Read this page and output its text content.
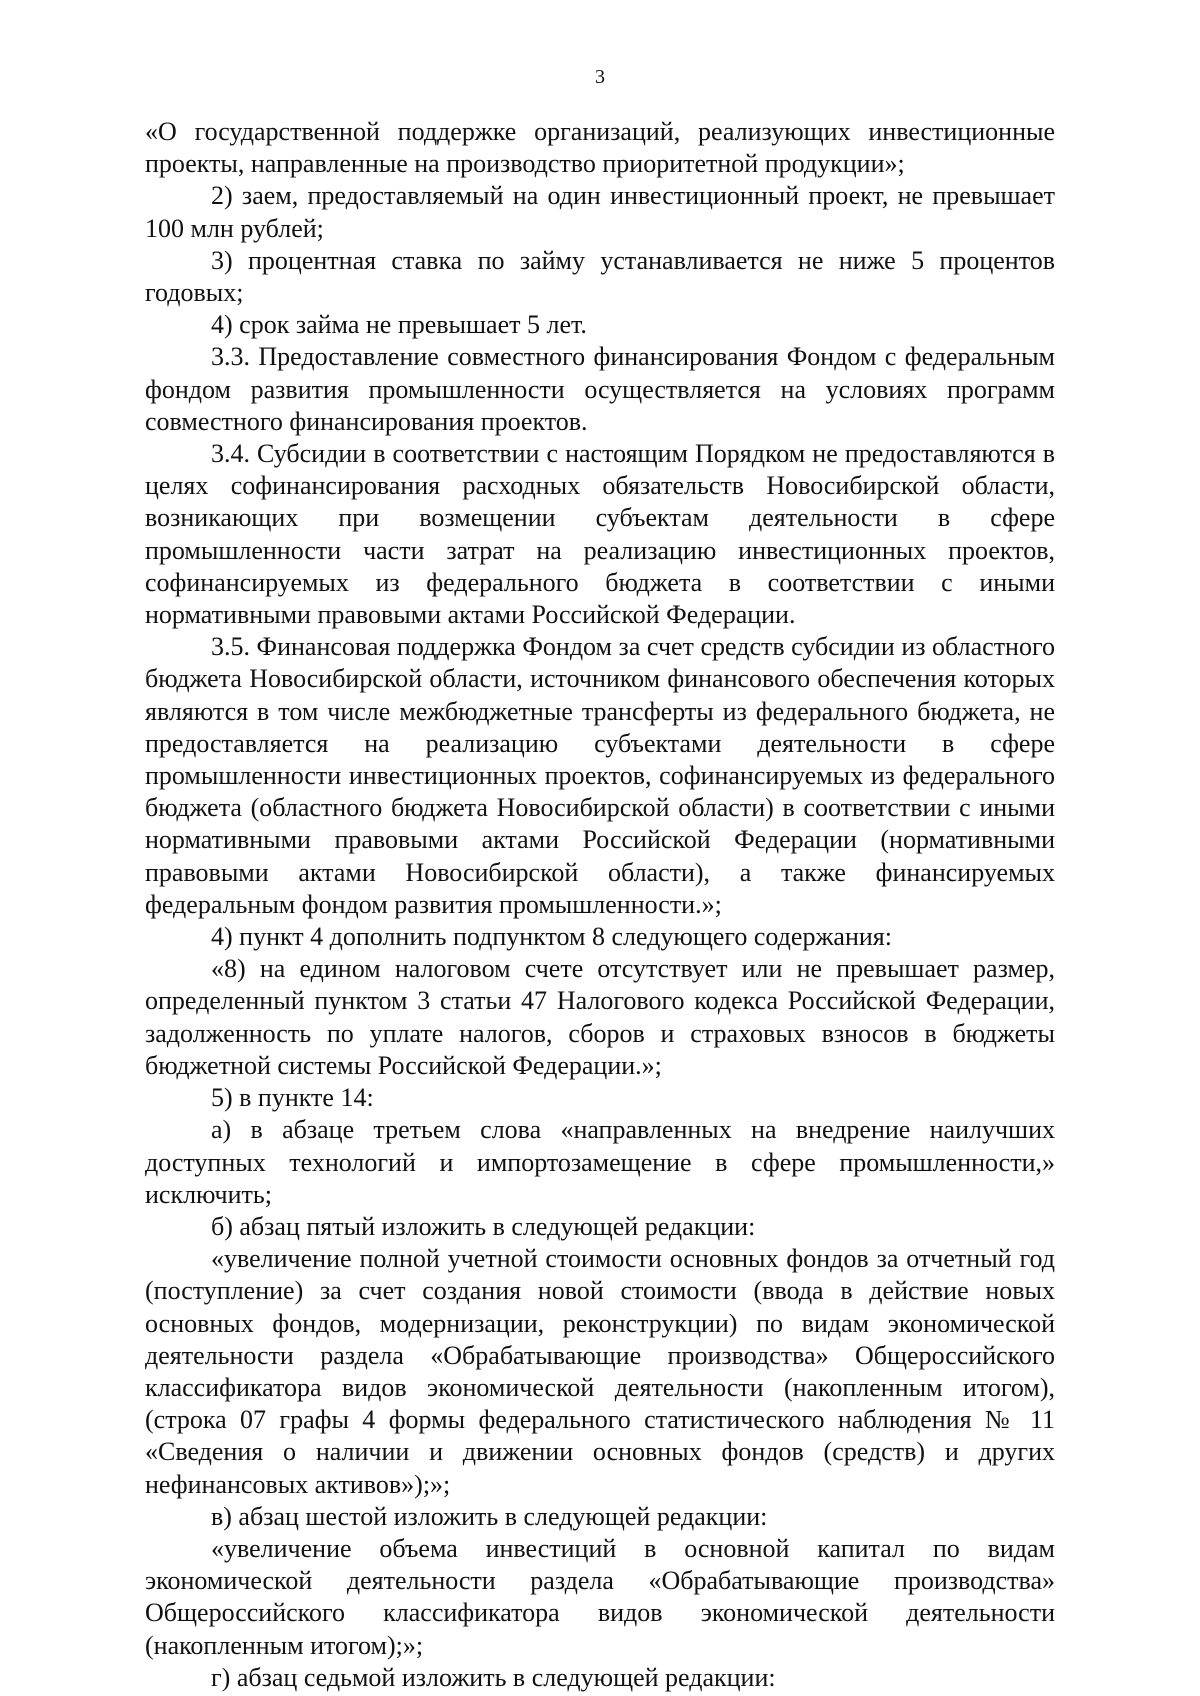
3

«О государственной поддержке организаций, реализующих инвестиционные проекты, направленные на производство приоритетной продукции»;

2) заем, предоставляемый на один инвестиционный проект, не превышает 100 млн рублей;

3) процентная ставка по займу устанавливается не ниже 5 процентов годовых;

4) срок займа не превышает 5 лет.

3.3. Предоставление совместного финансирования Фондом с федеральным фондом развития промышленности осуществляется на условиях программ совместного финансирования проектов.

3.4. Субсидии в соответствии с настоящим Порядком не предоставляются в целях софинансирования расходных обязательств Новосибирской области, возникающих при возмещении субъектам деятельности в сфере промышленности части затрат на реализацию инвестиционных проектов, софинансируемых из федерального бюджета в соответствии с иными нормативными правовыми актами Российской Федерации.

3.5. Финансовая поддержка Фондом за счет средств субсидии из областного бюджета Новосибирской области, источником финансового обеспечения которых являются в том числе межбюджетные трансферты из федерального бюджета, не предоставляется на реализацию субъектами деятельности в сфере промышленности инвестиционных проектов, софинансируемых из федерального бюджета (областного бюджета Новосибирской области) в соответствии с иными нормативными правовыми актами Российской Федерации (нормативными правовыми актами Новосибирской области), а также финансируемых федеральным фондом развития промышленности.»;

4) пункт 4 дополнить подпунктом 8 следующего содержания:

«8) на едином налоговом счете отсутствует или не превышает размер, определенный пунктом 3 статьи 47 Налогового кодекса Российской Федерации, задолженность по уплате налогов, сборов и страховых взносов в бюджеты бюджетной системы Российской Федерации.»;

5) в пункте 14:

а) в абзаце третьем слова «направленных на внедрение наилучших доступных технологий и импортозамещение в сфере промышленности,» исключить;

б) абзац пятый изложить в следующей редакции:

«увеличение полной учетной стоимости основных фондов за отчетный год (поступление) за счет создания новой стоимости (ввода в действие новых основных фондов, модернизации, реконструкции) по видам экономической деятельности раздела «Обрабатывающие производства» Общероссийского классификатора видов экономической деятельности (накопленным итогом), (строка 07 графы 4 формы федерального статистического наблюдения № 11 «Сведения о наличии и движении основных фондов (средств) и других нефинансовых активов»);»;

в) абзац шестой изложить в следующей редакции:

«увеличение объема инвестиций в основной капитал по видам экономической деятельности раздела «Обрабатывающие производства» Общероссийского классификатора видов экономической деятельности (накопленным итогом);»;

г) абзац седьмой изложить в следующей редакции:
